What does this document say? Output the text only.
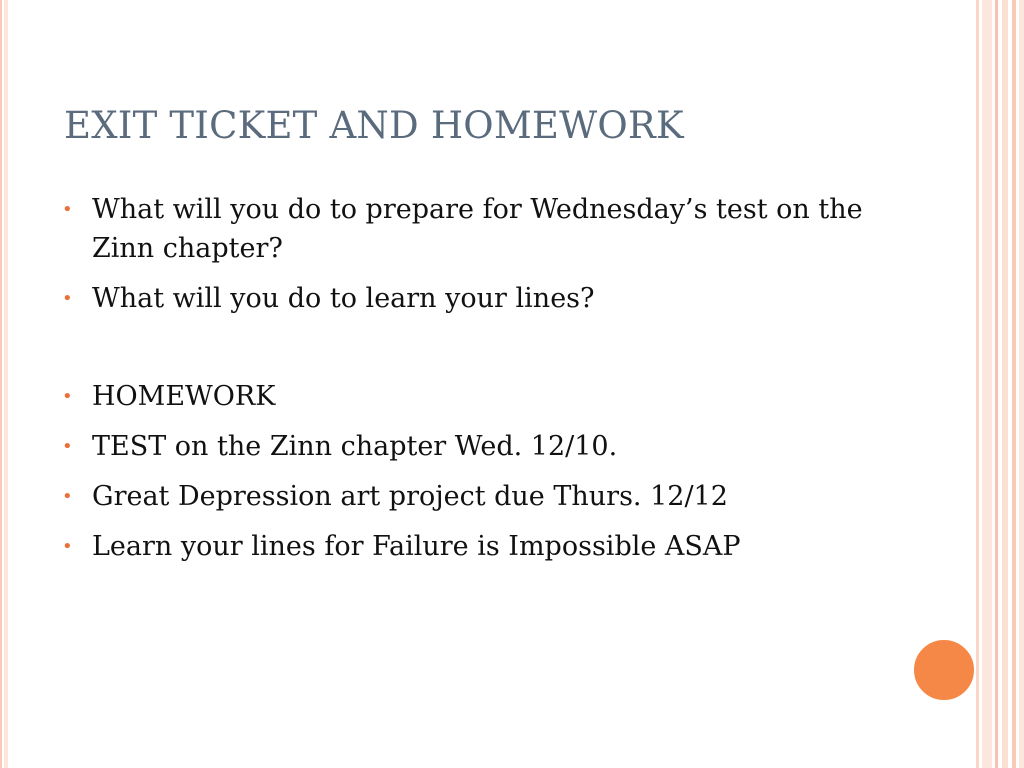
EXIT TICKET AND HOMEWORK
• What will you do to prepare for Wednesday’s test on the Zinn chapter?
• What will you do to learn your lines?
• HOMEWORK
• TEST on the Zinn chapter Wed. 12/10.
• Great Depression art project due Thurs. 12/12
• Learn your lines for Failure is Impossible ASAP
